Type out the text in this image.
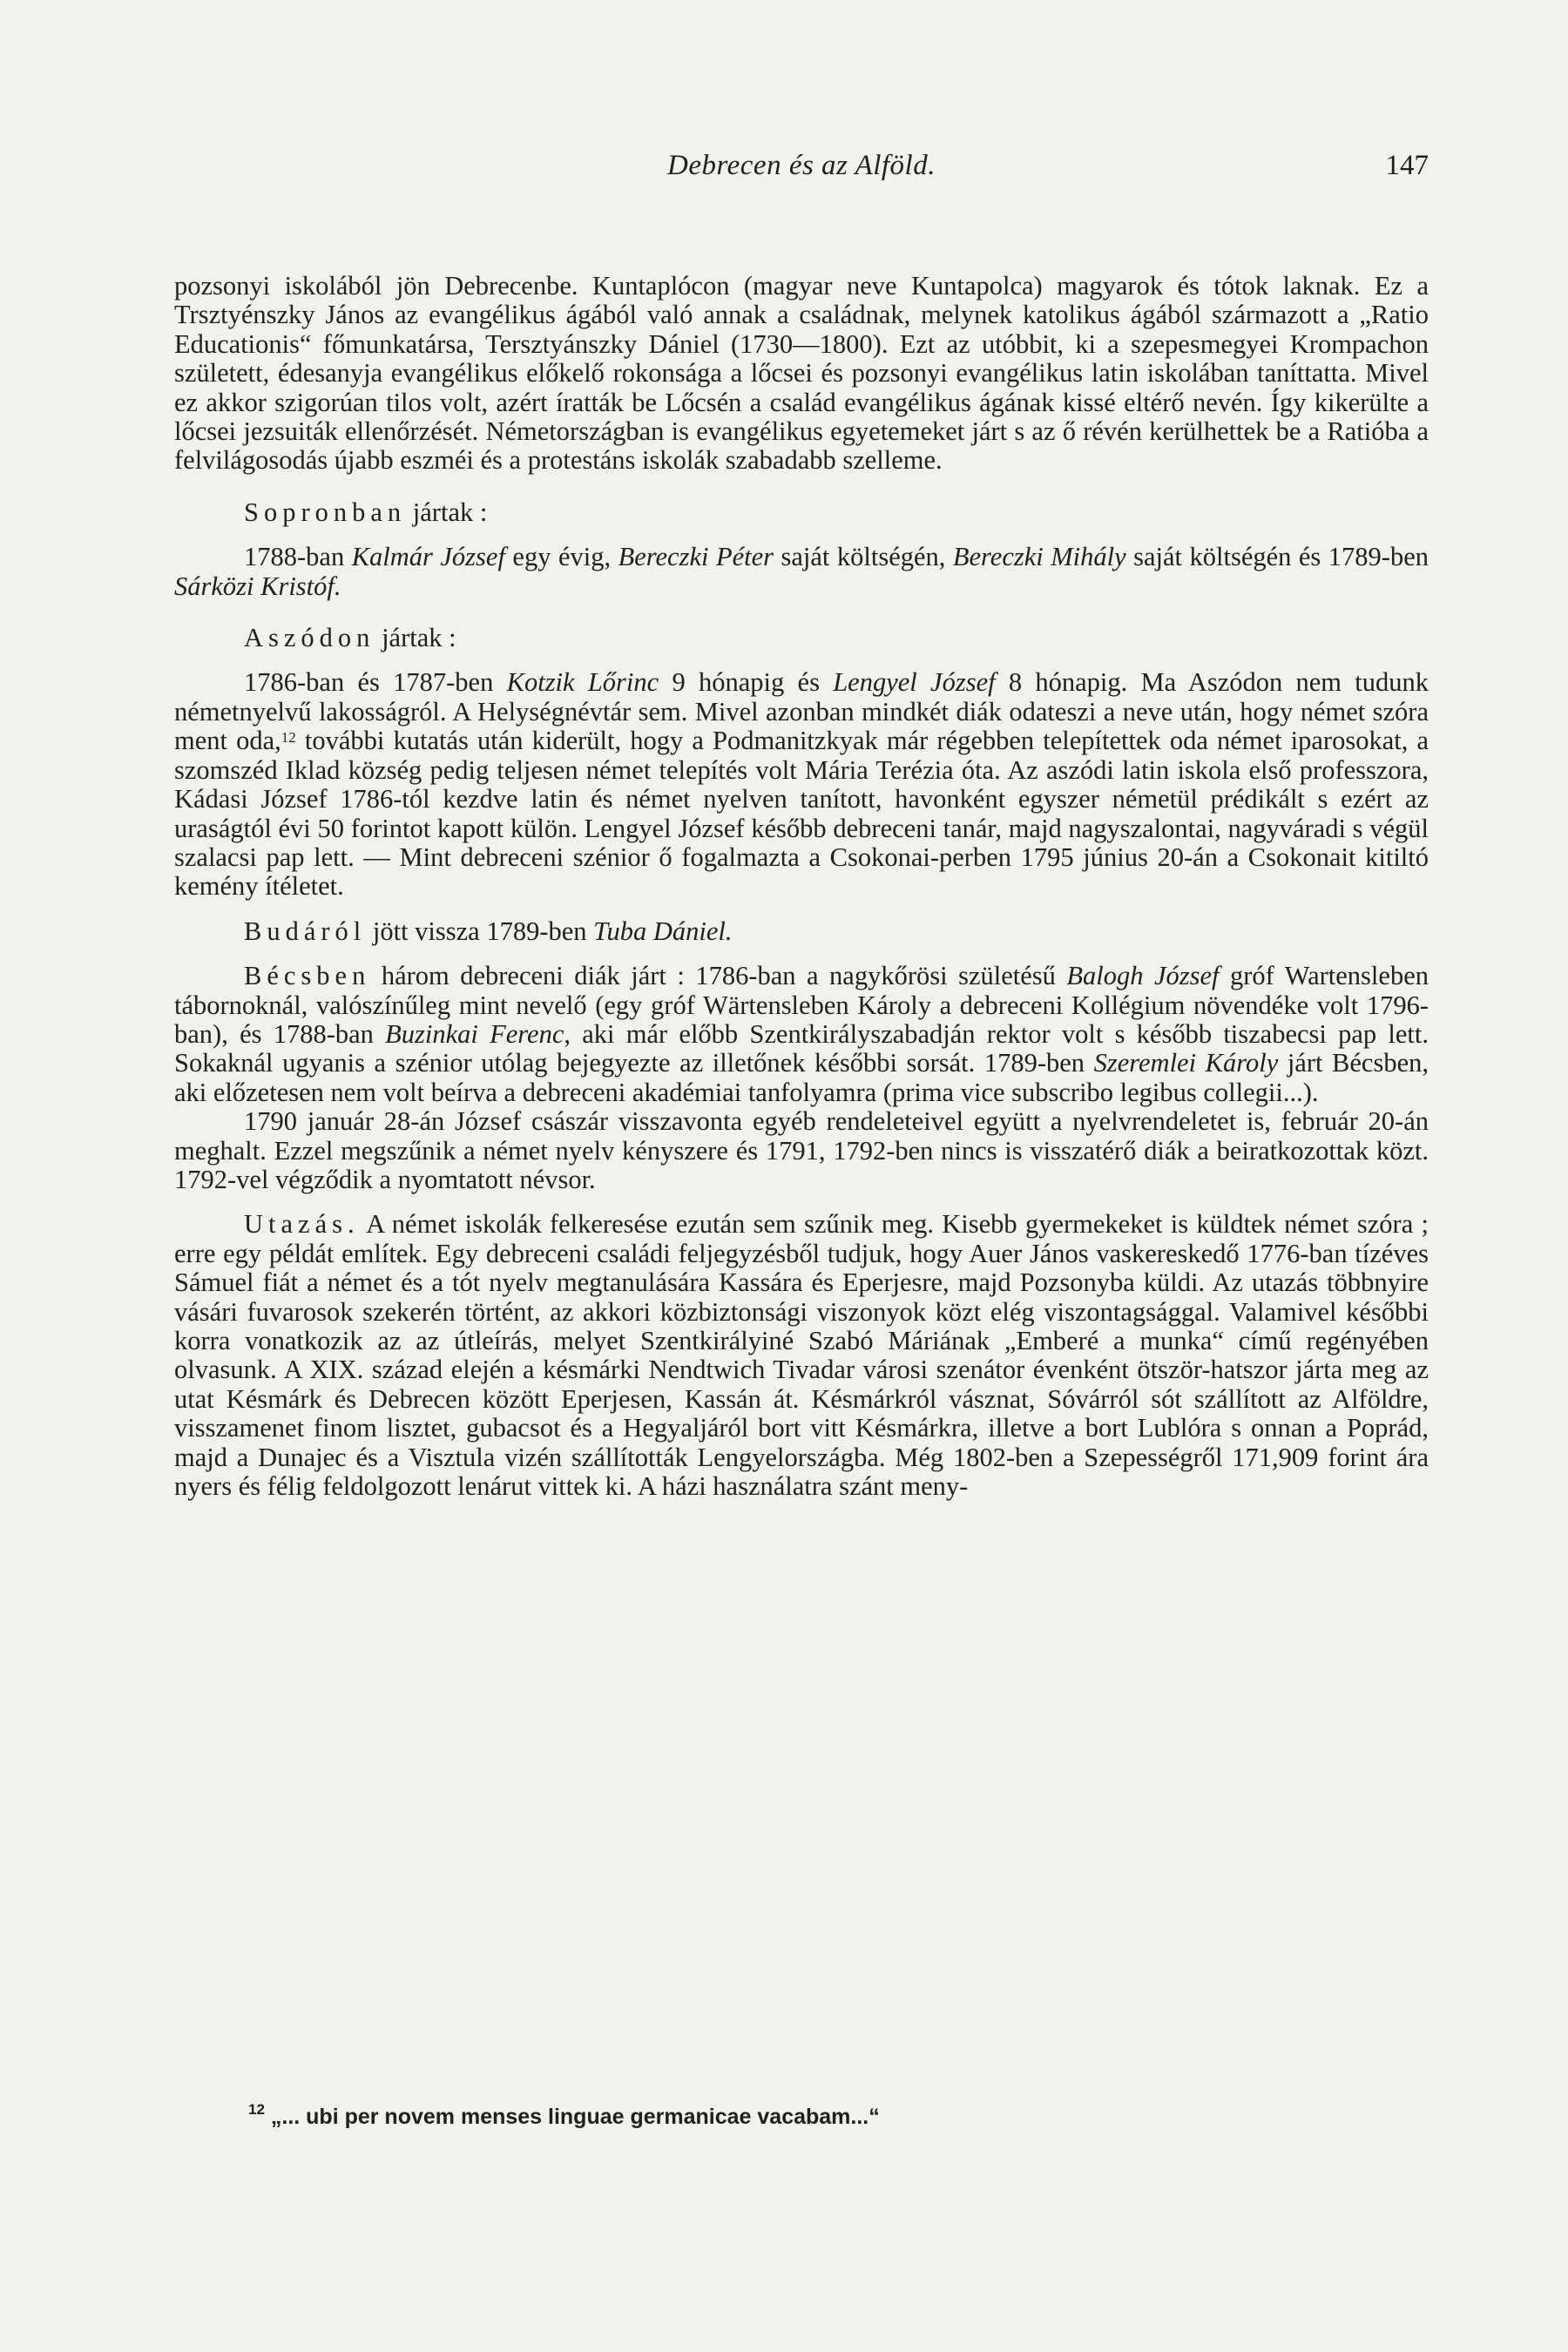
Debrecen és az Alföld.	147

pozsonyi iskolából jön Debrecenbe. Kuntaplócon (magyar neve Kuntapolca) magyarok és tótok laknak. Ez a Trsztyénszky János az evangélikus ágából való annak a családnak, melynek katolikus ágából származott a „Ratio Educationis“ főmunkatársa, Tersztyánszky Dániel (1730—1800). Ezt az utóbbit, ki a szepesmegyei Krompachon született, édesanyja evangélikus előkelő rokonsága a lőcsei és pozsonyi evangélikus latin iskolában taníttatta. Mivel ez akkor szigorúan tilos volt, azért íratták be Lőcsén a család evangélikus ágának kissé eltérő nevén. Így kikerülte a lőcsei jezsuiták ellenőrzését. Németországban is evangélikus egyetemeket járt s az ő révén kerülhettek be a Ratióba a felvilágosodás újabb eszméi és a protestáns iskolák szabadabb szelleme.

Sopronban jártak :

1788-ban Kalmár József egy évig, Bereczki Péter saját költségén, Bereczki Mihály saját költségén és 1789-ben Sárközi Kristóf.

Aszódon jártak :

1786-ban és 1787-ben Kotzik Lőrinc 9 hónapig és Lengyel József 8 hónapig. Ma Aszódon nem tudunk németnyelvű lakosságról. A Helységnévtár sem. Mivel azonban mindkét diák odateszi a neve után, hogy német szóra ment oda,$^{12}$ további kutatás után kiderült, hogy a Podmanitzkyak már régebben telepítettek oda német iparosokat, a szomszéd Iklad község pedig teljesen német telepítés volt Mária Terézia óta. Az aszódi latin iskola első professzora, Kádasi József 1786-tól kezdve latin és német nyelven tanított, havonként egyszer németül prédikált s ezért az uraságtól évi 50 forintot kapott külön. Lengyel József később debreceni tanár, majd nagyszalontai, nagyváradi s végül szalacsi pap lett. — Mint debreceni szénior ő fogalmazta a Csokonai-perben 1795 június 20-án a Csokonait kitiltó kemény ítéletet.

Budáról jött vissza 1789-ben Tuba Dániel.

Bécsben három debreceni diák járt : 1786-ban a nagykőrösi születésű Balogh József gróf Wartensleben tábornoknál, valószínűleg mint nevelő (egy gróf Wärtensleben Károly a debreceni Kollégium növendéke volt 1796-ban), és 1788-ban Buzinkai Ferenc, aki már előbb Szentkirályszabadján rektor volt s később tiszabecsi pap lett. Sokaknál ugyanis a szénior utólag bejegyezte az illetőnek későbbi sorsát. 1789-ben Szeremlei Károly járt Bécsben, aki előzetesen nem volt beírva a debreceni akadémiai tanfolyamra (prima vice subscribo legibus collegii...).

1790 január 28-án József császár visszavonta egyéb rendeleteivel együtt a nyelvrendeletet is, február 20-án meghalt. Ezzel megszűnik a német nyelv kényszere és 1791, 1792-ben nincs is visszatérő diák a beiratkozottak közt. 1792-vel végződik a nyomtatott névsor.

Utazás. A német iskolák felkeresése ezután sem szűnik meg. Kisebb gyermekeket is küldtek német szóra ; erre egy példát említek. Egy debreceni családi feljegyzésből tudjuk, hogy Auer János vaskereskedő 1776-ban tízéves Sámuel fiát a német és a tót nyelv megtanulására Kassára és Eperjesre, majd Pozsonyba küldi. Az utazás többnyire vásári fuvarosok szekerén történt, az akkori közbiztonsági viszonyok közt elég viszontagsággal. Valamivel későbbi korra vonatkozik az az útleírás, melyet Szentkirályiné Szabó Máriának „Emberé a munka“ című regényében olvasunk. A XIX. század elején a késmárki Nendtwich Tivadar városi szenátor évenként ötször-hatszor járta meg az utat Késmárk és Debrecen között Eperjesen, Kassán át. Késmárkról vásznat, Sóvárról sót szállított az Alföldre, visszamenet finom lisztet, gubacsot és a Hegyaljáról bort vitt Késmárkra, illetve a bort Lublóra s onnan a Poprád, majd a Dunajec és a Visztula vizén szállították Lengyelországba. Még 1802-ben a Szepességről 171,909 forint ára nyers és félig feldolgozott lenárut vittek ki. A házi használatra szánt meny-

$^{12}$ „... ubi per novem menses linguae germanicae vacabam...“
